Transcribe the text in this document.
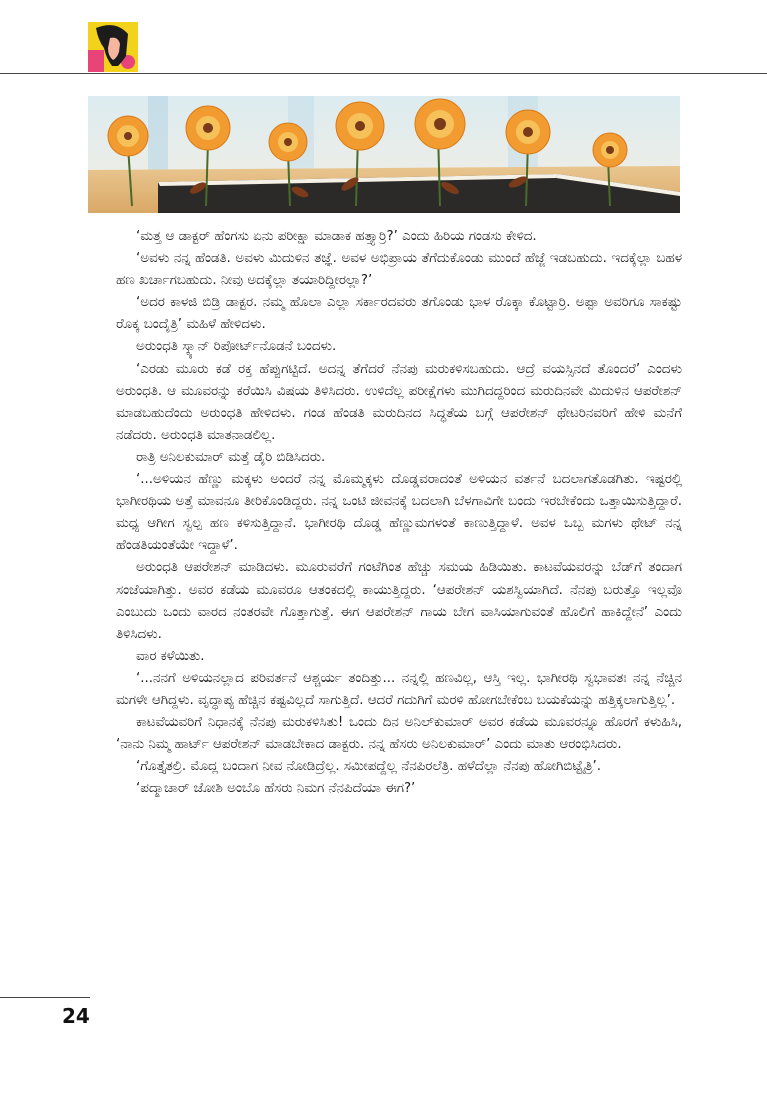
‘ಮತ್ತ ಆ ಡಾಕ್ಟರ್ ಹೆಂಗಸು ಏನು ಪರೀಕ್ಷಾ ಮಾಡಾಕ ಹತ್ತ್ಯಾರ್ರಿ?’ ಎಂದು ಹಿರಿಯ ಗಂಡಸು ಕೇಳಿದ.

‘ಅವಳು ನನ್ನ ಹೆಂಡತಿ. ಅವಳು ಮಿದುಳಿನ ತಜ್ಞೆ. ಅವಳ ಅಭಿಪ್ರಾಯ ತೆಗೆದುಕೊಂಡು ಮುಂದೆ ಹೆಜ್ಜೆ ಇಡಬಹುದು. ಇದಕ್ಕೆಲ್ಲಾ ಬಹಳ ಹಣ ಖರ್ಚಾಗಬಹುದು. ನೀವು ಅದಕ್ಕೆಲ್ಲಾ ತಯಾರಿದ್ದೀರಲ್ಲಾ?’

‘ಅದರ ಕಾಳಜಿ ಬಿಡ್ರಿ ಡಾಕ್ಟರ. ನಮ್ಮ ಹೊಲಾ ಎಲ್ಲಾ ಸರ್ಕಾರದವರು ತಗೊಂಡು ಭಾಳ ರೊಕ್ಕಾ ಕೊಟ್ಟಾರ್ರಿ. ಅಪ್ಪಾ ಅವರಿಗೂ ಸಾಕಷ್ಟು ರೊಕ್ಕ ಬಂದೈತ್ರಿ’ ಮಹಿಳೆ ಹೇಳಿದಳು.

ಅರುಂಧತಿ ಸ್ಕ್ಯಾನ್ ರಿಪೋರ್ಟ್‌ನೊಡನೆ ಬಂದಳು.

‘ಎರಡು ಮೂರು ಕಡೆ ರಕ್ತ ಹೆಪ್ಪುಗಟ್ಟಿದೆ. ಅದನ್ನ ತೆಗೆದರೆ ನೆನಪು ಮರುಕಳಿಸಬಹುದು. ಆದ್ರೆ ವಯಸ್ಸಿನದೆ ತೊಂದರೆ’ ಎಂದಳು ಅರುಂಧತಿ. ಆ ಮೂವರನ್ನು ಕರೆಯಿಸಿ ವಿಷಯ ತಿಳಿಸಿದರು. ಉಳಿದೆಲ್ಲ ಪರೀಕ್ಷೆಗಳು ಮುಗಿದದ್ದರಿಂದ ಮರುದಿನವೇ ಮಿದುಳಿನ ಆಪರೇಶನ್ ಮಾಡಬಹುದೆಂದು ಅರುಂಧತಿ ಹೇಳಿದಳು. ಗಂಡ ಹೆಂಡತಿ ಮರುದಿನದ ಸಿದ್ಧತೆಯ ಬಗ್ಗೆ ಆಪರೇಶನ್ ಥೇಟರಿನವರಿಗೆ ಹೇಳಿ ಮನೆಗೆ ನಡೆದರು. ಅರುಂಧತಿ ಮಾತನಾಡಲಿಲ್ಲ.

ರಾತ್ರಿ ಅನಿಲಕುಮಾರ್ ಮತ್ತೆ ಡೈರಿ ಬಿಡಿಸಿದರು.

‘...ಅಳಿಯನ ಹೆಣ್ಣು ಮಕ್ಕಳು ಅಂದರೆ ನನ್ನ ಮೊಮ್ಮಕ್ಕಳು ದೊಡ್ಡವರಾದಂತೆ ಅಳಿಯನ ವರ್ತನೆ ಬದಲಾಗತೊಡಗಿತು. ಇಷ್ಟರಲ್ಲಿ ಭಾಗೀರಥಿಯ ಅತ್ತೆ ಮಾವನೂ ತೀರಿಕೊಂಡಿದ್ದರು. ನನ್ನ ಒಂಟಿ ಜೀವನಕ್ಕೆ ಬದಲಾಗಿ ಬೆಳಗಾವಿಗೇ ಬಂದು ಇರಬೇಕೆಂದು ಒತ್ತಾಯಿಸುತ್ತಿದ್ದಾರೆ. ಮಧ್ಯ ಆಗೀಗ ಸ್ವಲ್ಪ ಹಣ ಕಳಿಸುತ್ತಿದ್ದಾನೆ. ಭಾಗೀರಥಿ ದೊಡ್ಡ ಹೆಣ್ಣುಮಗಳಂತೆ ಕಾಣುತ್ತಿದ್ದಾಳೆ. ಅವಳ ಒಬ್ಬ ಮಗಳು ಥೇಟ್ ನನ್ನ ಹೆಂಡತಿಯಂತೆಯೇ ಇದ್ದಾಳೆ’.

ಅರುಂಧತಿ ಆಪರೇಶನ್ ಮಾಡಿದಳು. ಮೂರುವರೆಗೆ ಗಂಟೆಗಿಂತ ಹೆಚ್ಚು ಸಮಯ ಹಿಡಿಯಿತು. ಕಾಟವೆಯವರನ್ನು ಬೆಡ್‌ಗೆ ತಂದಾಗ ಸಂಜೆಯಾಗಿತ್ತು. ಅವರ ಕಡೆಯ ಮೂವರೂ ಆತಂಕದಲ್ಲಿ ಕಾಯುತ್ತಿದ್ದರು. ‘ಆಪರೇಶನ್ ಯಶಸ್ವಿಯಾಗಿದೆ. ನೆನಪು ಬರುತ್ತೊ ಇಲ್ಲವೊ ಎಂಬುದು ಒಂದು ವಾರದ ನಂತರವೇ ಗೊತ್ತಾಗುತ್ತೆ. ಈಗ ಆಪರೇಶನ್ ಗಾಯ ಬೇಗ ವಾಸಿಯಾಗುವಂತೆ ಹೊಲಿಗೆ ಹಾಕಿದ್ದೇನೆ’ ಎಂದು ತಿಳಿಸಿದಳು.

ವಾರ ಕಳೆಯಿತು.

‘...ನನಗೆ ಅಳಿಯನಲ್ಲಾದ ಪರಿವರ್ತನೆ ಆಶ್ಚರ್ಯ ತಂದಿತ್ತು... ನನ್ನಲ್ಲಿ ಹಣವಿಲ್ಲ, ಆಸ್ತಿ ಇಲ್ಲ. ಭಾಗೀರಥಿ ಸ್ವಭಾವತಃ ನನ್ನ ನೆಚ್ಚಿನ ಮಗಳೇ ಆಗಿದ್ದಳು. ವೃದ್ಧಾಪ್ಯ ಹೆಚ್ಚಿನ ಕಷ್ಟವಿಲ್ಲದೆ ಸಾಗುತ್ತಿದೆ. ಆದರೆ ಗದುಗಿಗೆ ಮರಳಿ ಹೋಗಬೇಕೆಂಬ ಬಯಕೆಯನ್ನು ಹತ್ತಿಕ್ಕಲಾಗುತ್ತಿಲ್ಲ’.

ಕಾಟವೆಯವರಿಗೆ ನಿಧಾನಕ್ಕೆ ನೆನಪು ಮರುಕಳಿಸಿತು! ಒಂದು ದಿನ ಅನಿಲ್‌ಕುಮಾರ್ ಅವರ ಕಡೆಯ ಮೂವರನ್ನೂ ಹೊರಗೆ ಕಳುಹಿಸಿ, ‘ನಾನು ನಿಮ್ಮ ಹಾರ್ಟ್ ಆಪರೇಶನ್ ಮಾಡಬೇಕಾದ ಡಾಕ್ಟರು. ನನ್ನ ಹೆಸರು ಅನಿಲಕುಮಾರ್’ ಎಂದು ಮಾತು ಆರಂಭಿಸಿದರು.

‘ಗೊತ್ತೈತಲ್ರಿ. ಮೊದ್ಲ ಬಂದಾಗ ನೀವ ನೋಡಿದ್ರೆಲ್ಲ. ಸಮೀಪದ್ದೆಲ್ಲ ನೆನಪಿರಲೆತ್ರಿ. ಹಳೆದೆಲ್ಲಾ ನೆನಪು ಹೋಗಿಬಿಟ್ಟೈತ್ರಿ’.

‘ಪದ್ಮಾಚಾರ್ ಜೋಶಿ ಅಂಬೊ ಹೆಸರು ನಿಮಗ ನೆನಪಿದೆಯಾ ಈಗ?’

24
